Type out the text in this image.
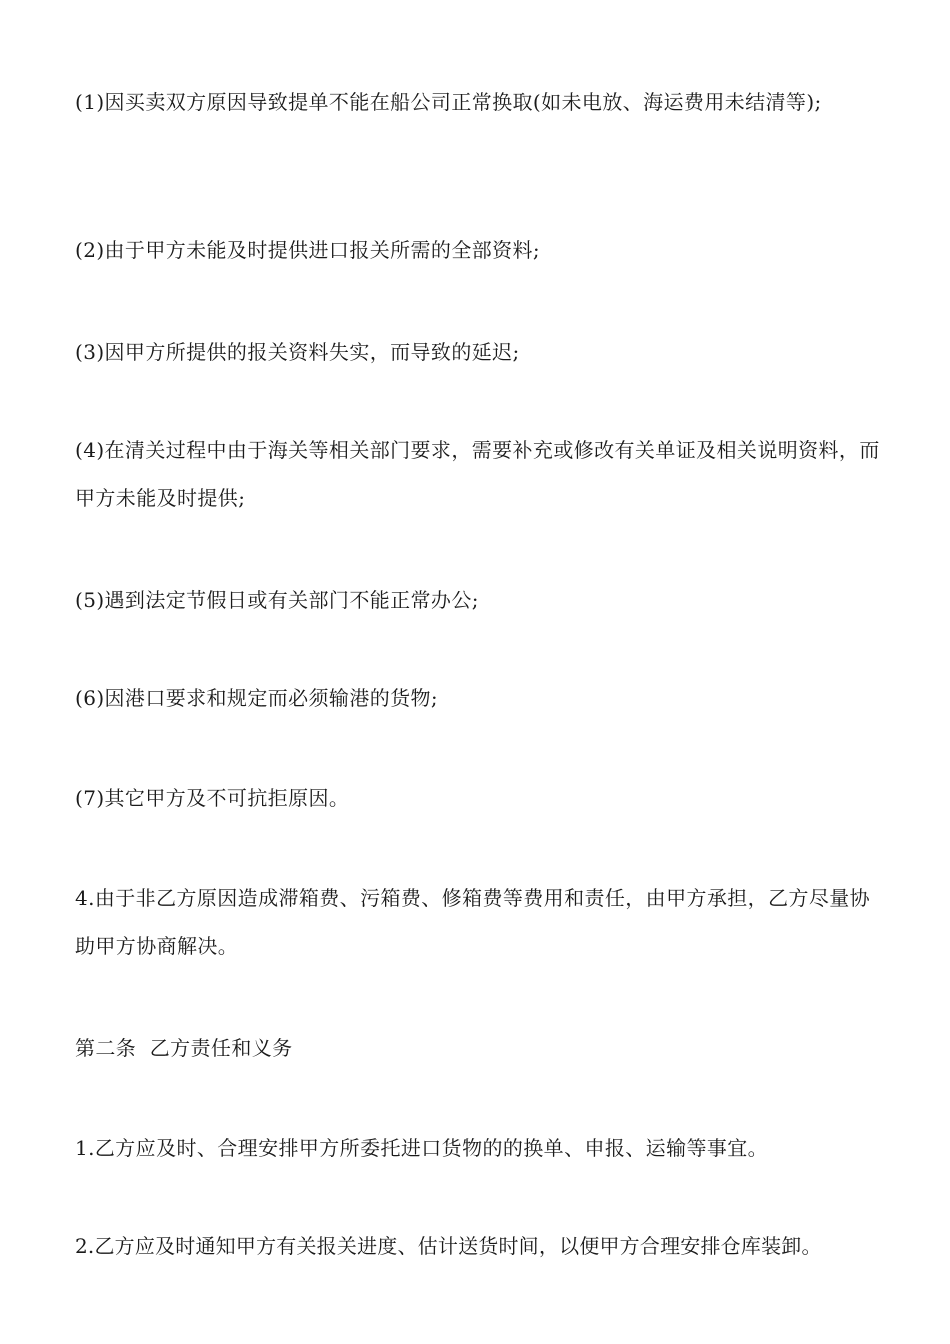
(1)因买卖双方原因导致提单不能在船公司正常换取(如未电放、海运费用未结清等);
(2)由于甲方未能及时提供进口报关所需的全部资料;
(3)因甲方所提供的报关资料失实，而导致的延迟;
(4)在清关过程中由于海关等相关部门要求，需要补充或修改有关单证及相关说明资料，而甲方未能及时提供;
(5)遇到法定节假日或有关部门不能正常办公;
(6)因港口要求和规定而必须输港的货物;
(7)其它甲方及不可抗拒原因。
4.由于非乙方原因造成滞箱费、污箱费、修箱费等费用和责任，由甲方承担，乙方尽量协助甲方协商解决。
第二条  乙方责任和义务
1.乙方应及时、合理安排甲方所委托进口货物的的换单、申报、运输等事宜。
2.乙方应及时通知甲方有关报关进度、估计送货时间，以便甲方合理安排仓库装卸。
